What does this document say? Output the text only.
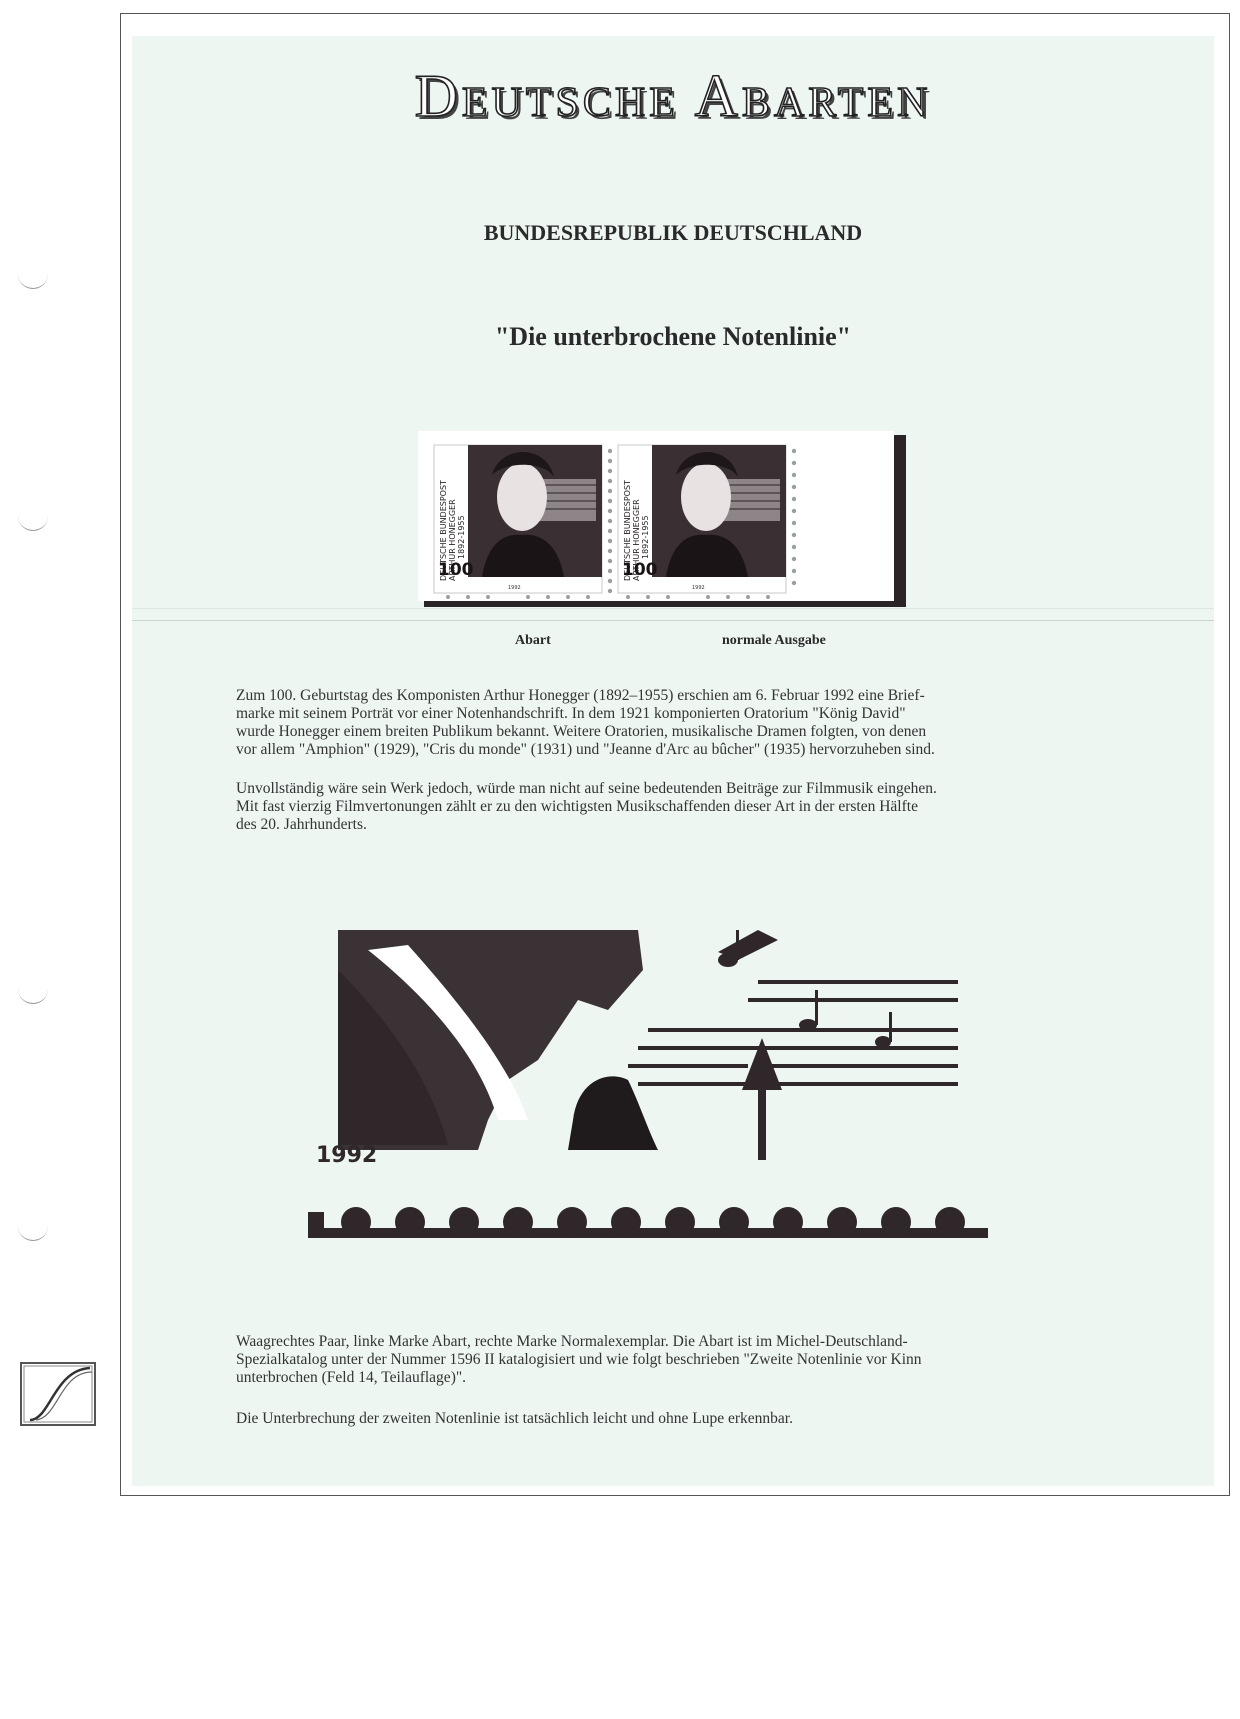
Deutsche Abarten
BUNDESREPUBLIK DEUTSCHLAND
"Die unterbrochene Notenlinie"
DEUTSCHE BUNDESPOST ARTHUR HONEGGER 1892-1955
100
1992
DEUTSCHE BUNDESPOST ARTHUR HONEGGER 1892-1955
100
1992
Abart	normale Ausgabe
Zum 100. Geburtstag des Komponisten Arthur Honegger (1892–1955) erschien am 6. Februar 1992 eine Brief-
marke mit seinem Porträt vor einer Notenhandschrift. In dem 1921 komponierten Oratorium "König David"
wurde Honegger einem breiten Publikum bekannt. Weitere Oratorien, musikalische Dramen folgten, von denen
vor allem "Amphion" (1929), "Cris du monde" (1931) und "Jeanne d'Arc au bûcher" (1935) hervorzuheben sind.
Unvollständig wäre sein Werk jedoch, würde man nicht auf seine bedeutenden Beiträge zur Filmmusik eingehen.
Mit fast vierzig Filmvertonungen zählt er zu den wichtigsten Musikschaffenden dieser Art in der ersten Hälfte
des 20. Jahrhunderts.
1992
Waagrechtes Paar, linke Marke Abart, rechte Marke Normalexemplar. Die Abart ist im Michel-Deutschland-
Spezialkatalog unter der Nummer 1596 II katalogisiert und wie folgt beschrieben "Zweite Notenlinie vor Kinn
unterbrochen (Feld 14, Teilauflage)".
Die Unterbrechung der zweiten Notenlinie ist tatsächlich leicht und ohne Lupe erkennbar.
